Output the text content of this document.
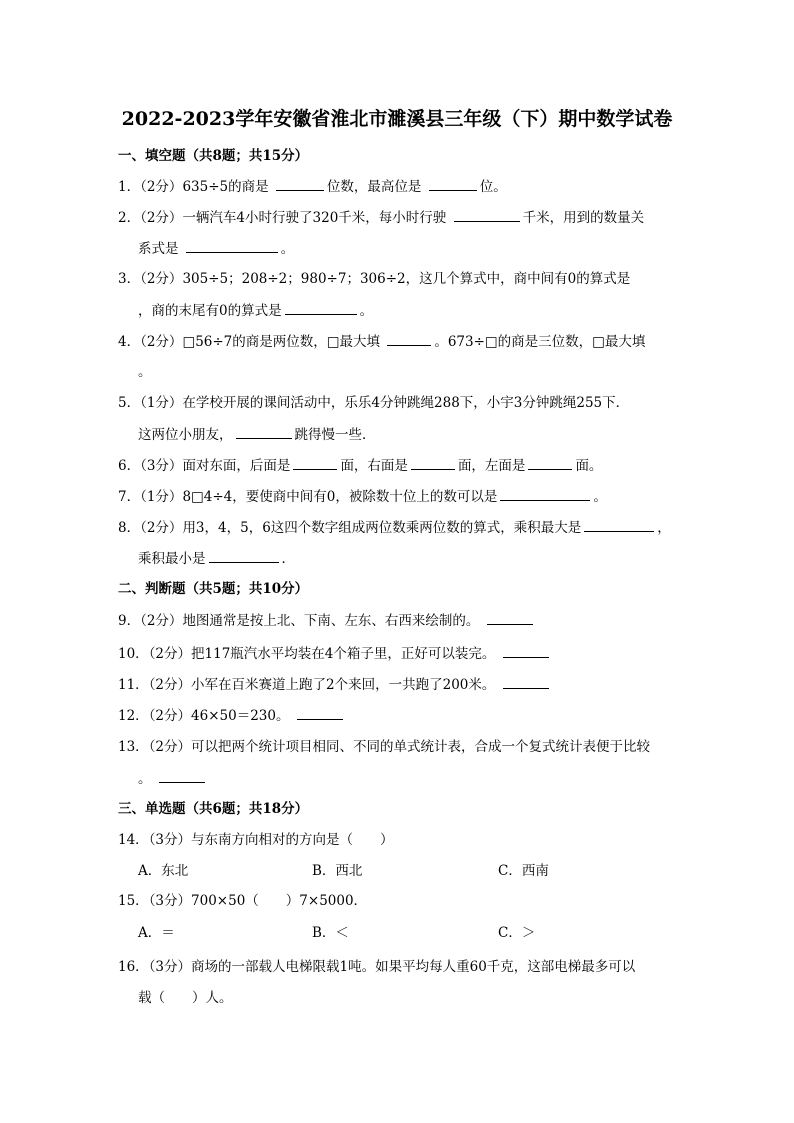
2022-2023学年安徽省淮北市濉溪县三年级（下）期中数学试卷
一、填空题（共8题；共15分）
1．（2分）635÷5的商是	位数，最高位是	位。
2．（2分）一辆汽车4小时行驶了320千米，每小时行驶	千米，用到的数量关
系式是	。
3．（2分）305÷5；208÷2；980÷7；306÷2，这几个算式中，商中间有0的算式是
，商的末尾有0的算式是	。
4．（2分）□56÷7的商是两位数，□最大填	。673÷□的商是三位数，□最大填
。
5．（1分）在学校开展的课间活动中，乐乐4分钟跳绳288下，小宇3分钟跳绳255下．
这两位小朋友，	跳得慢一些．
6．（3分）面对东面，后面是	面，右面是	面，左面是	面。
7．（1分）8□4÷4，要使商中间有0，被除数十位上的数可以是	。
8．（2分）用3，4，5，6这四个数字组成两位数乘两位数的算式，乘积最大是	，
乘积最小是	．
二、判断题（共5题；共10分）
9．（2分）地图通常是按上北、下南、左东、右西来绘制的。
10．（2分）把117瓶汽水平均装在4个箱子里，正好可以装完。
11．（2分）小军在百米赛道上跑了2个来回，一共跑了200米。
12．（2分）46×50＝230。
13．（2分）可以把两个统计项目相同、不同的单式统计表，合成一个复式统计表便于比较
。
三、单选题（共6题；共18分）
14．（3分）与东南方向相对的方向是（　　）
A．东北	B．西北	C．西南
15．（3分）700×50（　　）7×5000．
A．＝	B．＜	C．＞
16．（3分）商场的一部载人电梯限载1吨。如果平均每人重60千克，这部电梯最多可以
载（　　）人。
